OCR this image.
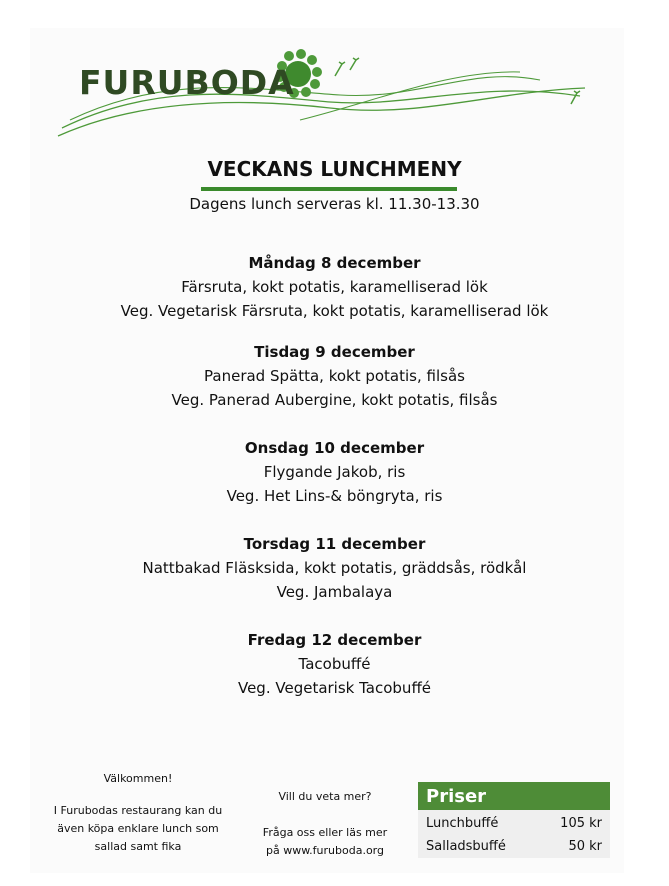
FURUBODA
VECKANS LUNCHMENY
Dagens lunch serveras kl. 11.30-13.30
Måndag 8 december
Färsruta, kokt potatis, karamelliserad lök
Veg. Vegetarisk Färsruta, kokt potatis, karamelliserad lök
Tisdag 9 december
Panerad Spätta, kokt potatis, filsås
Veg. Panerad Aubergine, kokt potatis, filsås
Onsdag 10 december
Flygande Jakob, ris
Veg. Het Lins-& böngryta, ris
Torsdag 11 december
Nattbakad Fläsksida, kokt potatis, gräddsås, rödkål
Veg. Jambalaya
Fredag 12 december
Tacobuffé
Veg. Vegetarisk Tacobuffé
Välkommen!
I Furubodas restaurang kan du
även köpa enklare lunch som
sallad samt fika
Vill du veta mer?
Fråga oss eller läs mer
på www.furuboda.org
Priser
Lunchbuffé	105 kr
Salladsbuffé	50 kr
